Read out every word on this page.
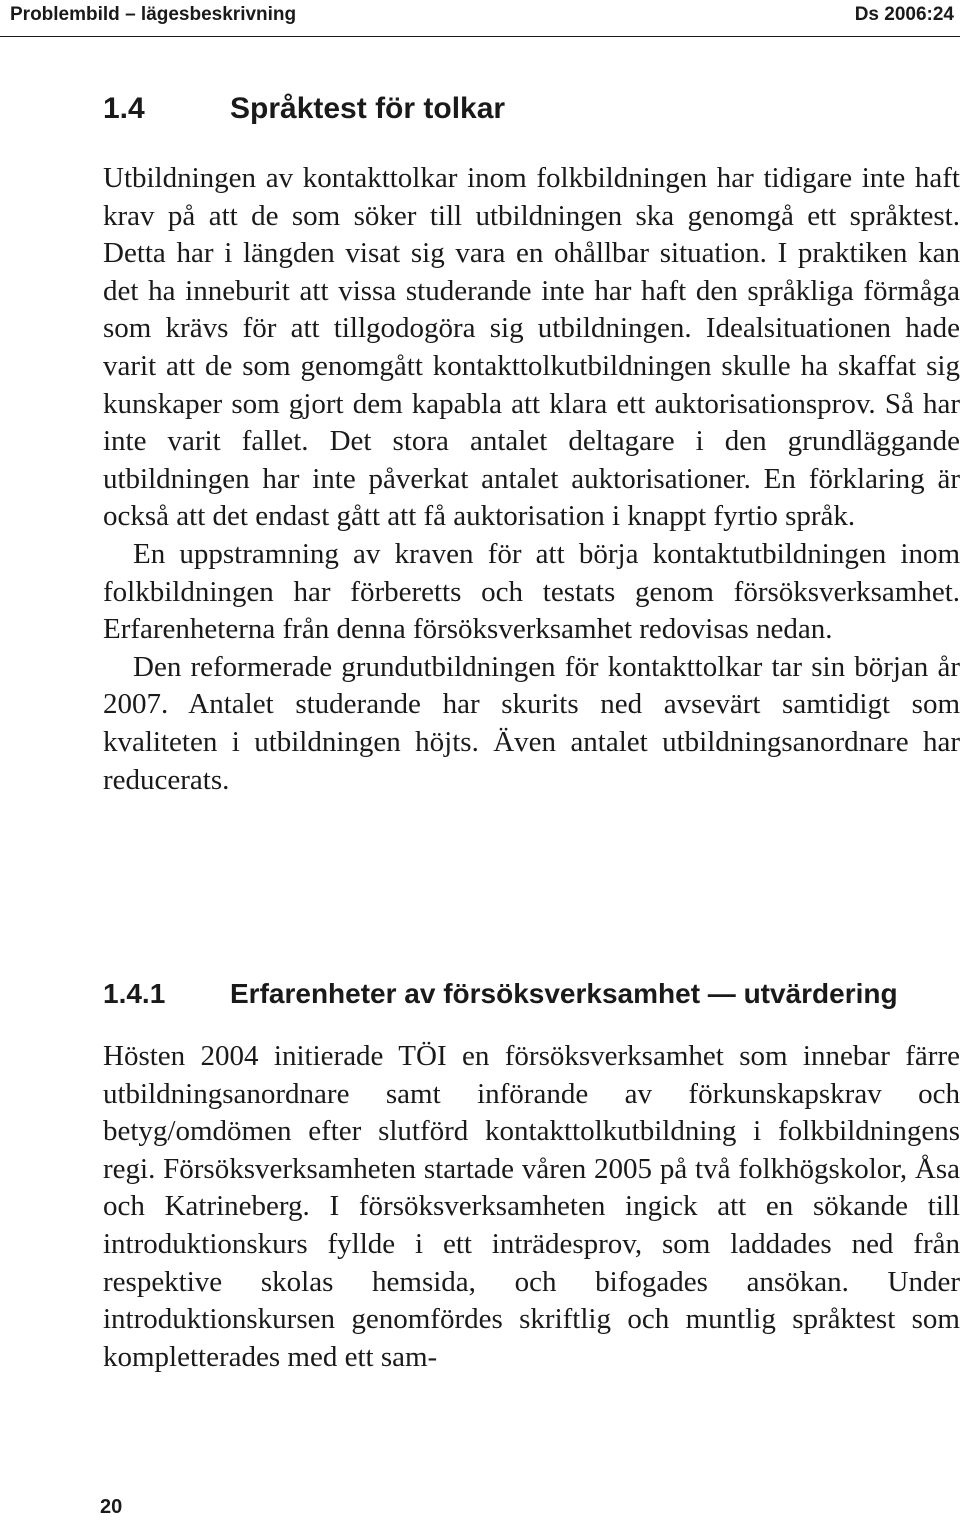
Problembild – lägesbeskrivning	Ds 2006:24
1.4	Språktest för tolkar

Utbildningen av kontakttolkar inom folkbildningen har tidigare inte haft krav på att de som söker till utbildningen ska genomgå ett språktest. Detta har i längden visat sig vara en ohållbar situation. I praktiken kan det ha inneburit att vissa studerande inte har haft den språkliga förmåga som krävs för att tillgodogöra sig utbildningen. Idealsituationen hade varit att de som genomgått kontakttolkutbildningen skulle ha skaffat sig kunskaper som gjort dem kapabla att klara ett auktorisationsprov. Så har inte varit fallet. Det stora antalet deltagare i den grundläggande utbildningen har inte påverkat antalet auktorisationer. En förklaring är också att det endast gått att få auktorisation i knappt fyrtio språk.

En uppstramning av kraven för att börja kontaktutbildningen inom folkbildningen har förberetts och testats genom försöksverksamhet. Erfarenheterna från denna försöksverksamhet redovisas nedan.

Den reformerade grundutbildningen för kontakttolkar tar sin början år 2007. Antalet studerande har skurits ned avsevärt samtidigt som kvaliteten i utbildningen höjts. Även antalet utbildningsanordnare har reducerats.

1.4.1	Erfarenheter av försöksverksamhet — utvärdering

Hösten 2004 initierade TÖI en försöksverksamhet som innebar färre utbildningsanordnare samt införande av förkunskapskrav och betyg/omdömen efter slutförd kontakttolkutbildning i folkbildningens regi. Försöksverksamheten startade våren 2005 på två folkhögskolor, Åsa och Katrineberg. I försöksverksamheten ingick att en sökande till introduktionskurs fyllde i ett inträdesprov, som laddades ned från respektive skolas hemsida, och bifogades ansökan. Under introduktionskursen genomfördes skriftlig och muntlig språktest som kompletterades med ett sam-

20
